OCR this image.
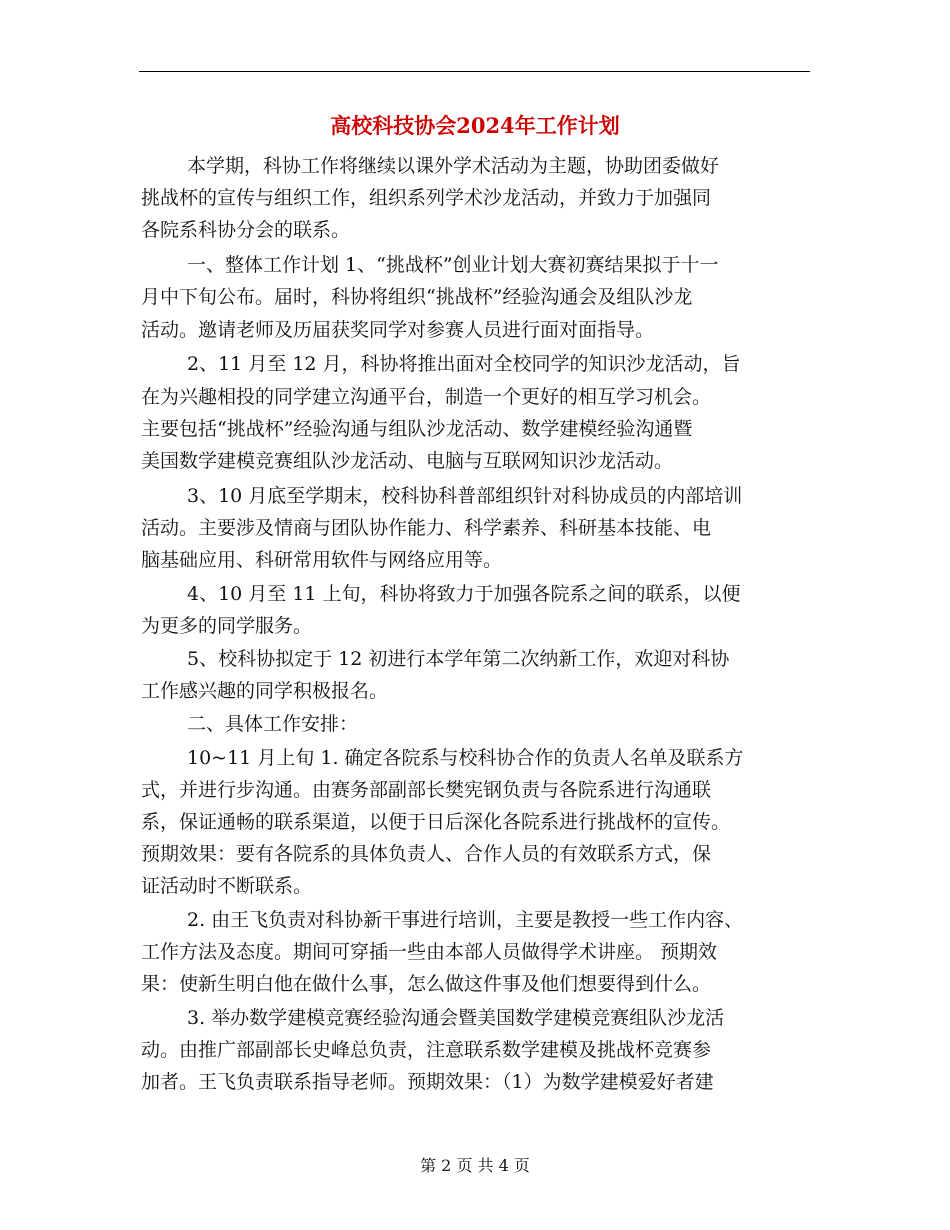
高校科技协会2024年工作计划
本学期，科协工作将继续以课外学术活动为主题，协助团委做好
挑战杯的宣传与组织工作，组织系列学术沙龙活动，并致力于加强同
各院系科协分会的联系。
一、整体工作计划 1、“挑战杯”创业计划大赛初赛结果拟于十一
月中下旬公布。届时，科协将组织“挑战杯”经验沟通会及组队沙龙
活动。邀请老师及历届获奖同学对参赛人员进行面对面指导。
2、11 月至 12 月，科协将推出面对全校同学的知识沙龙活动，旨
在为兴趣相投的同学建立沟通平台，制造一个更好的相互学习机会。
主要包括“挑战杯”经验沟通与组队沙龙活动、数学建模经验沟通暨
美国数学建模竞赛组队沙龙活动、电脑与互联网知识沙龙活动。
3、10 月底至学期末，校科协科普部组织针对科协成员的内部培训
活动。主要涉及情商与团队协作能力、科学素养、科研基本技能、电
脑基础应用、科研常用软件与网络应用等。
4、10 月至 11 上旬，科协将致力于加强各院系之间的联系，以便
为更多的同学服务。
5、校科协拟定于 12 初进行本学年第二次纳新工作，欢迎对科协
工作感兴趣的同学积极报名。
二、具体工作安排：
10~11 月上旬 1. 确定各院系与校科协合作的负责人名单及联系方
式，并进行步沟通。由赛务部副部长樊宪钢负责与各院系进行沟通联
系，保证通畅的联系渠道，以便于日后深化各院系进行挑战杯的宣传。
预期效果：要有各院系的具体负责人、合作人员的有效联系方式，保
证活动时不断联系。
2. 由王飞负责对科协新干事进行培训，主要是教授一些工作内容、
工作方法及态度。期间可穿插一些由本部人员做得学术讲座。 预期效
果：使新生明白他在做什么事，怎么做这件事及他们想要得到什么。
3. 举办数学建模竞赛经验沟通会暨美国数学建模竞赛组队沙龙活
动。由推广部副部长史峰总负责，注意联系数学建模及挑战杯竞赛参
加者。王飞负责联系指导老师。预期效果：（1）为数学建模爱好者建
第 2 页 共 4 页
